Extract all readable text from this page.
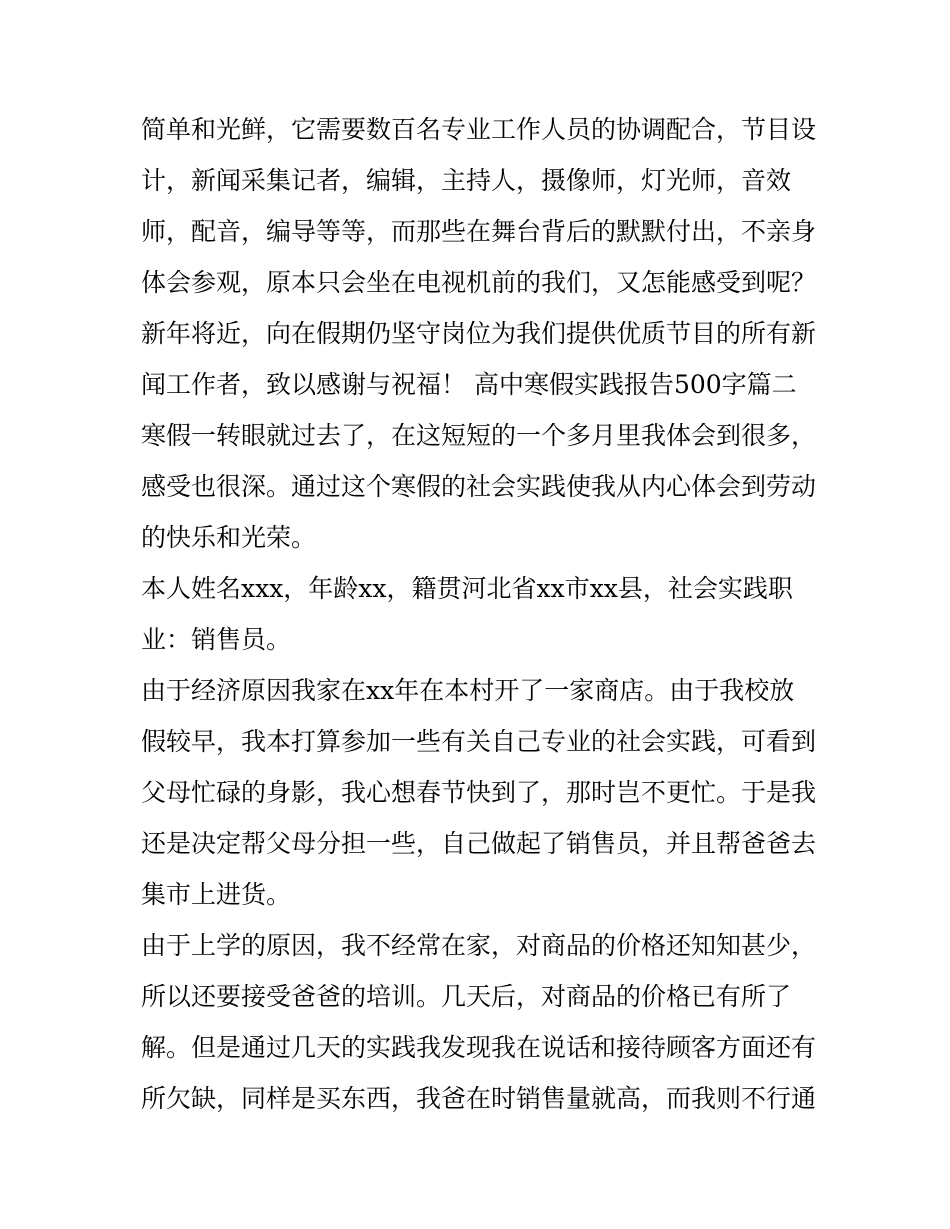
简单和光鲜，它需要数百名专业工作人员的协调配合，节目设
计，新闻采集记者，编辑，主持人，摄像师，灯光师，音效
师，配音，编导等等，而那些在舞台背后的默默付出，不亲身
体会参观，原本只会坐在电视机前的我们，又怎能感受到呢？
新年将近，向在假期仍坚守岗位为我们提供优质节目的所有新
闻工作者，致以感谢与祝福！ 高中寒假实践报告500字篇二
寒假一转眼就过去了，在这短短的一个多月里我体会到很多，
感受也很深。通过这个寒假的社会实践使我从内心体会到劳动
的快乐和光荣。
本人姓名xxx，年龄xx，籍贯河北省xx市xx县，社会实践职
业：销售员。
由于经济原因我家在xx年在本村开了一家商店。由于我校放
假较早，我本打算参加一些有关自己专业的社会实践，可看到
父母忙碌的身影，我心想春节快到了，那时岂不更忙。于是我
还是决定帮父母分担一些，自己做起了销售员，并且帮爸爸去
集市上进货。
由于上学的原因，我不经常在家，对商品的价格还知知甚少，
所以还要接受爸爸的培训。几天后，对商品的价格已有所了
解。但是通过几天的实践我发现我在说话和接待顾客方面还有
所欠缺，同样是买东西，我爸在时销售量就高，而我则不行通
